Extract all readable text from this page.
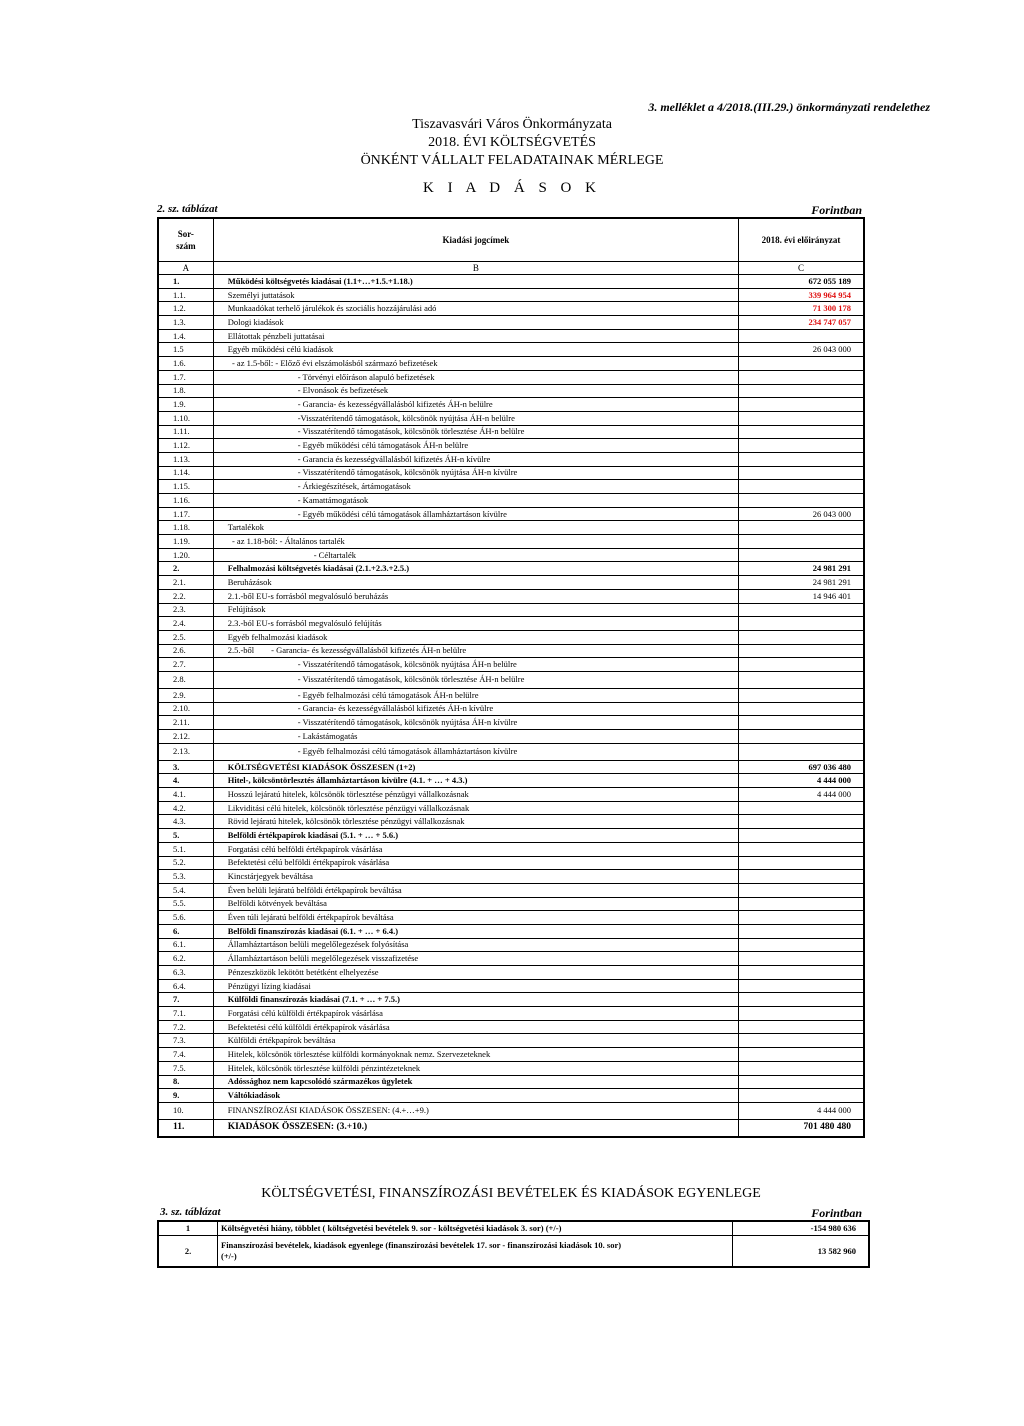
3. melléklet a 4/2018.(III.29.) önkormányzati rendelethez
Tiszavasvári Város Önkormányzata
2018. ÉVI KÖLTSÉGVETÉS
ÖNKÉNT VÁLLALT FELADATAINAK MÉRLEGE
K I A D Á S O K
2. sz. táblázat	Forintban
Sor-
szám	Kiadási jogcímek	2018. évi előirányzat
A	B	C
1.	Működési költségvetés kiadásai (1.1+…+1.5.+1.18.)	672 055 189
1.1.	Személyi juttatások	339 964 954
1.2.	Munkaadókat terhelő járulékok és szociális hozzájárulási adó	71 300 178
1.3.	Dologi kiadások	234 747 057
1.4.	Ellátottak pénzbeli juttatásai	
1.5	Egyéb működési célú kiadások	26 043 000
1.6.	- az 1.5-ből: - Előző évi elszámolásból származó befizetések	
1.7.	- Törvényi előíráson alapuló befizetések	
1.8.	- Elvonások és befizetések	
1.9.	- Garancia- és kezességvállalásból kifizetés ÁH-n belülre	
1.10.	-Visszatérítendő támogatások, kölcsönök nyújtása ÁH-n belülre	
1.11.	- Visszatérítendő támogatások, kölcsönök törlesztése ÁH-n belülre	
1.12.	- Egyéb működési célú támogatások ÁH-n belülre	
1.13.	- Garancia és kezességvállalásból kifizetés ÁH-n kívülre	
1.14.	- Visszatérítendő támogatások, kölcsönök nyújtása ÁH-n kívülre	
1.15.	- Árkiegészítések, ártámogatások	
1.16.	- Kamattámogatások	
1.17.	- Egyéb működési célú támogatások államháztartáson kívülre	26 043 000
1.18.	Tartalékok	
1.19.	- az 1.18-ból: - Általános tartalék	
1.20.	- Céltartalék	
2.	Felhalmozási költségvetés kiadásai (2.1.+2.3.+2.5.)	24 981 291
2.1.	Beruházások	24 981 291
2.2.	2.1.-ből EU-s forrásból megvalósuló beruházás	14 946 401
2.3.	Felújítások	
2.4.	2.3.-ból EU-s forrásból megvalósuló felújítás	
2.5.	Egyéb felhalmozási kiadások	
2.6.	2.5.-ből        - Garancia- és kezességvállalásból kifizetés ÁH-n belülre	
2.7.	- Visszatérítendő támogatások, kölcsönök nyújtása ÁH-n belülre	
2.8.	- Visszatérítendő támogatások, kölcsönök törlesztése ÁH-n belülre	
2.9.	- Egyéb felhalmozási célú támogatások ÁH-n belülre	
2.10.	- Garancia- és kezességvállalásból kifizetés ÁH-n kívülre	
2.11.	- Visszatérítendő támogatások, kölcsönök nyújtása ÁH-n kívülre	
2.12.	- Lakástámogatás	
2.13.	- Egyéb felhalmozási célú támogatások államháztartáson kívülre	
3.	KÖLTSÉGVETÉSI KIADÁSOK ÖSSZESEN (1+2)	697 036 480
4.	Hitel-, kölcsöntörlesztés államháztartáson kívülre (4.1. + … + 4.3.)	4 444 000
4.1.	Hosszú lejáratú hitelek, kölcsönök törlesztése pénzügyi vállalkozásnak	4 444 000
4.2.	Likviditási célú hitelek, kölcsönök törlesztése pénzügyi vállalkozásnak	
4.3.	Rövid lejáratú hitelek, kölcsönök törlesztése pénzügyi vállalkozásnak	
5.	Belföldi értékpapírok kiadásai (5.1. + … + 5.6.)	
5.1.	Forgatási célú belföldi értékpapírok vásárlása	
5.2.	Befektetési célú belföldi értékpapírok vásárlása	
5.3.	Kincstárjegyek beváltása	
5.4.	Éven belüli lejáratú belföldi értékpapírok beváltása	
5.5.	Belföldi kötvények beváltása	
5.6.	Éven túli lejáratú belföldi értékpapírok beváltása	
6.	Belföldi finanszírozás kiadásai (6.1. + … + 6.4.)	
6.1.	Államháztartáson belüli megelőlegezések folyósítása	
6.2.	Államháztartáson belüli megelőlegezések visszafizetése	
6.3.	Pénzeszközök lekötött betétként elhelyezése	
6.4.	Pénzügyi lízing kiadásai	
7.	Külföldi finanszírozás kiadásai (7.1. + … + 7.5.)	
7.1.	Forgatási célú külföldi értékpapírok vásárlása	
7.2.	Befektetési célú külföldi értékpapírok vásárlása	
7.3.	Külföldi értékpapírok beváltása	
7.4.	Hitelek, kölcsönök törlesztése külföldi kormányoknak nemz. Szervezeteknek	
7.5.	Hitelek, kölcsönök törlesztése külföldi pénzintézeteknek	
8.	Adóssághoz nem kapcsolódó származékos ügyletek	
9.	Váltókiadások	
10.	FINANSZÍROZÁSI KIADÁSOK ÖSSZESEN: (4.+…+9.)	4 444 000
11.	KIADÁSOK ÖSSZESEN: (3.+10.)	701 480 480
KÖLTSÉGVETÉSI, FINANSZÍROZÁSI BEVÉTELEK ÉS KIADÁSOK EGYENLEGE
3. sz. táblázat	Forintban
1	Költségvetési hiány, többlet ( költségvetési bevételek 9. sor - költségvetési kiadások 3. sor) (+/-)	-154 980 636
2.	Finanszírozási bevételek, kiadások egyenlege (finanszírozási bevételek 17. sor - finanszírozási kiadások 10. sor)
(+/-)	13 582 960
